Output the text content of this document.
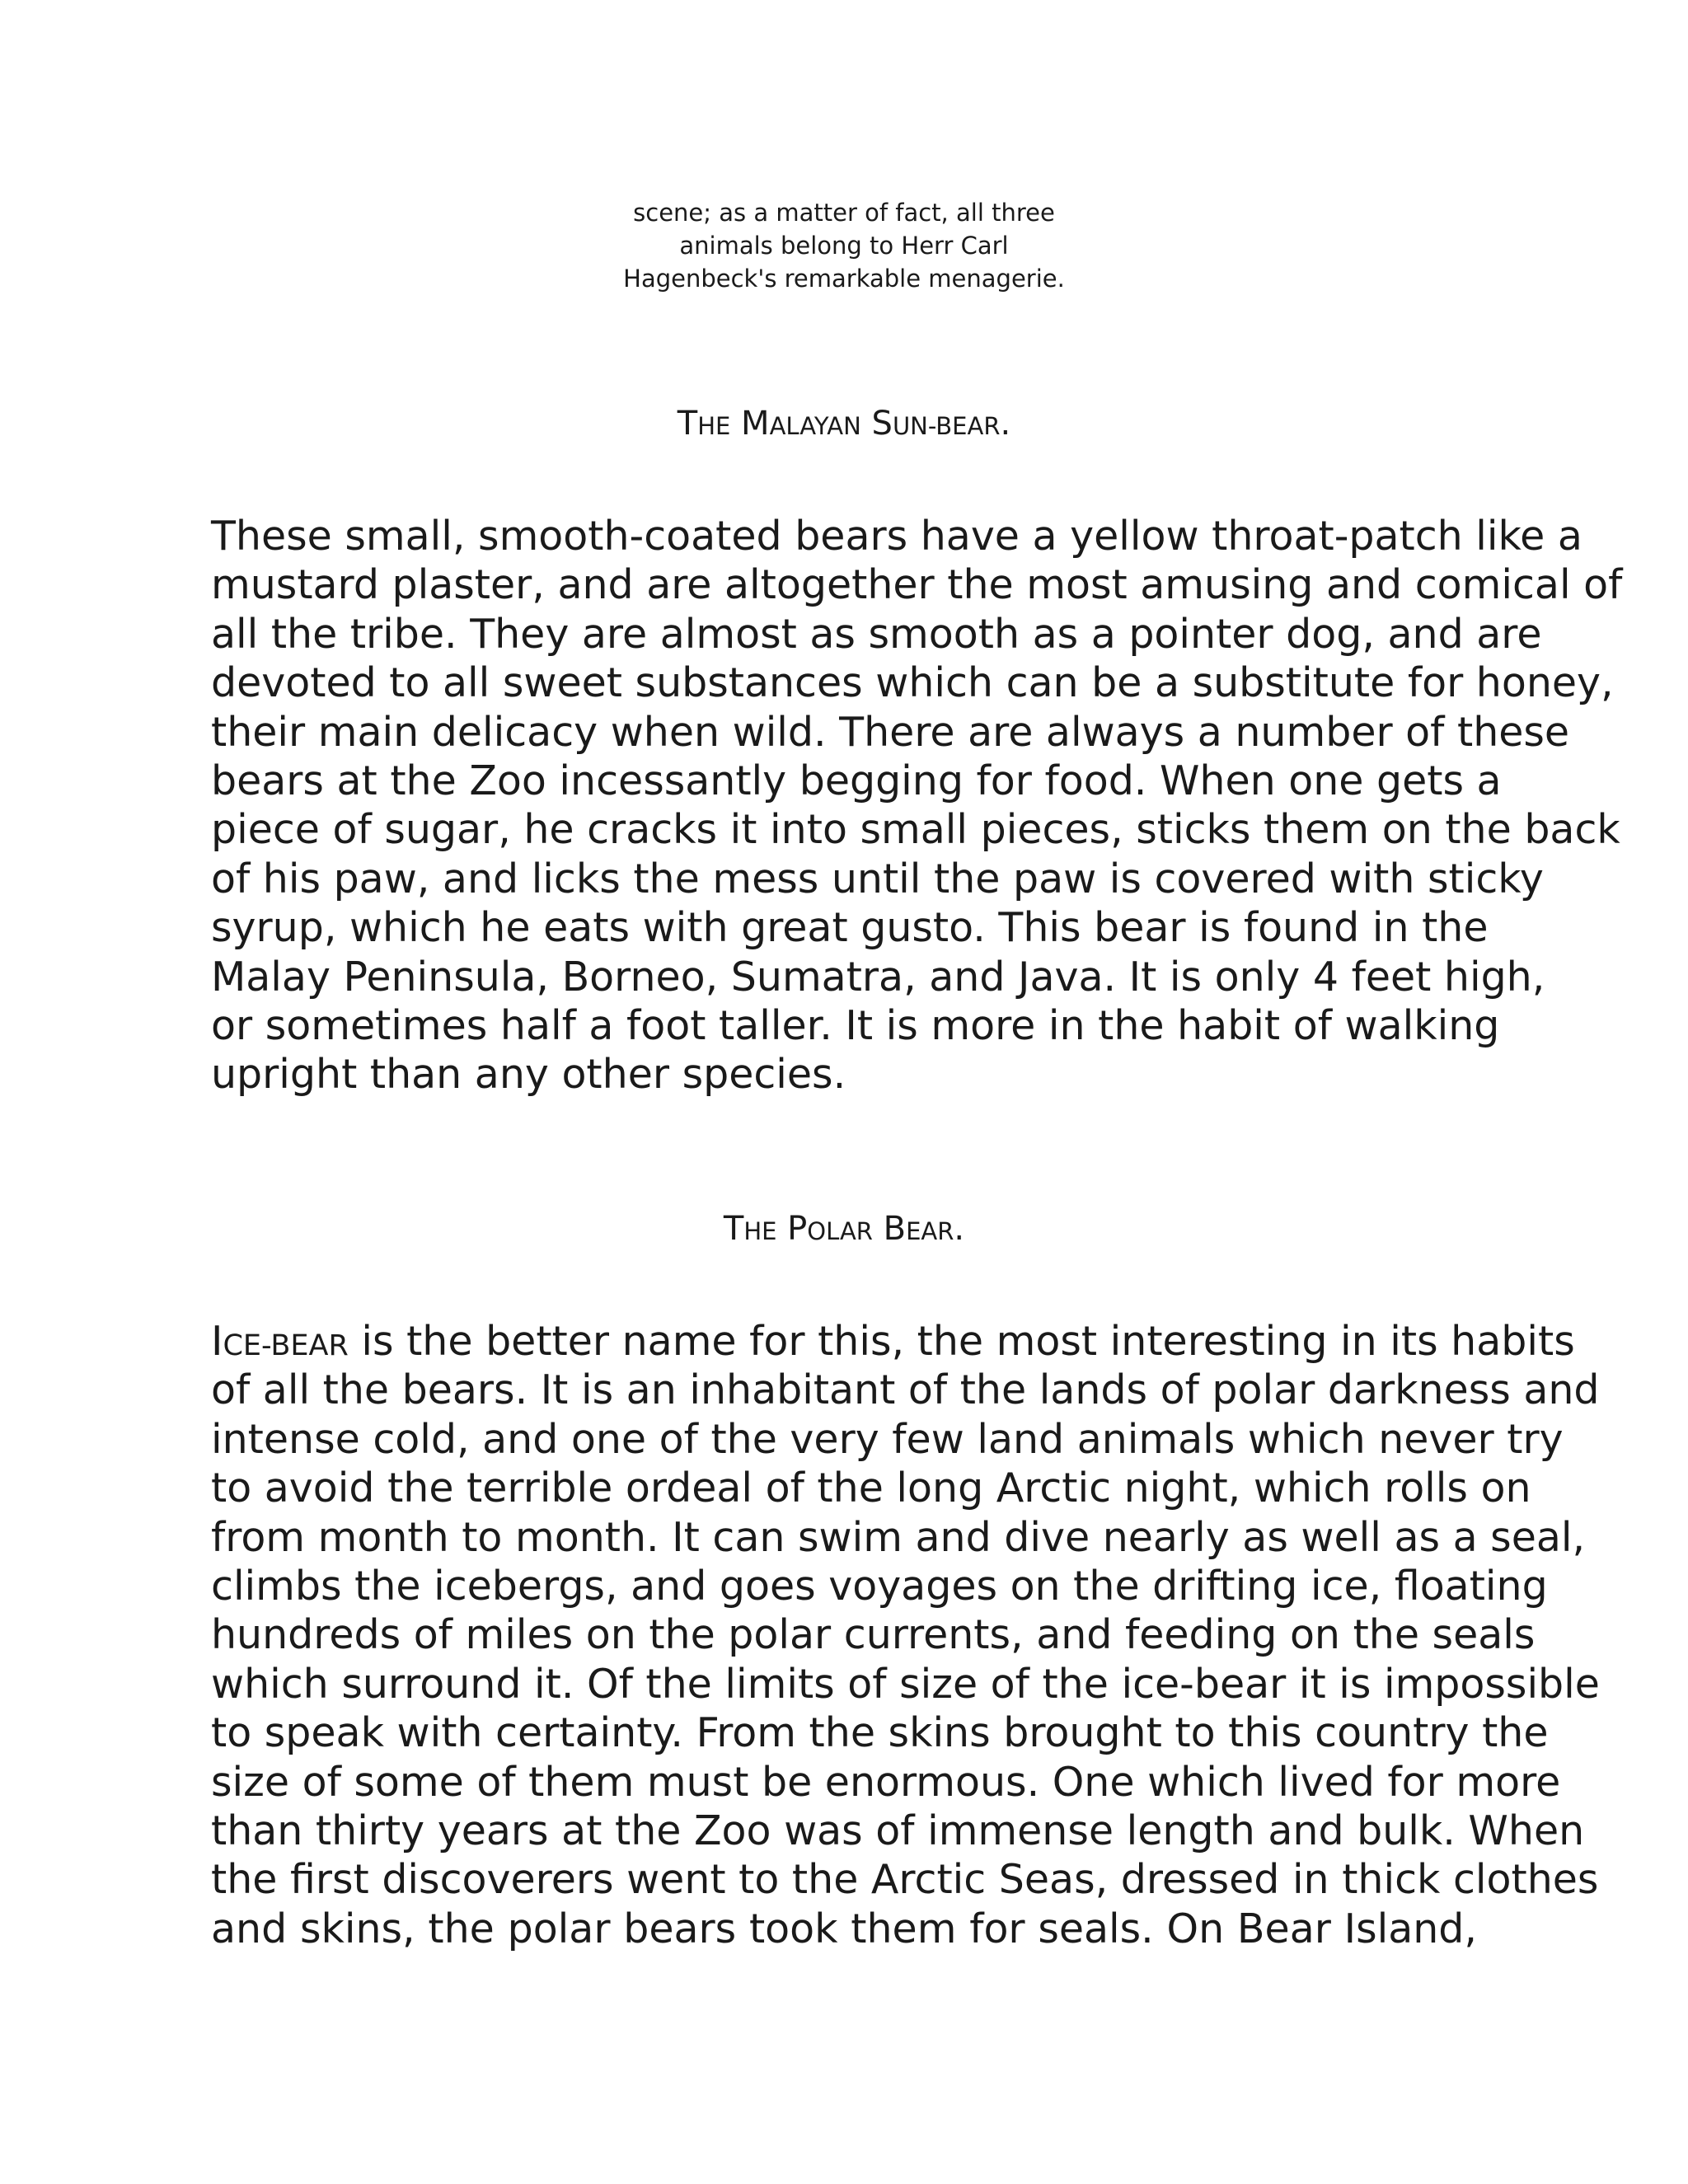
scene; as a matter of fact, all three
animals belong to Herr Carl
Hagenbeck's remarkable menagerie.
THE MALAYAN SUN-BEAR.
These small, smooth-coated bears have a yellow throat-patch like a
mustard plaster, and are altogether the most amusing and comical of
all the tribe. They are almost as smooth as a pointer dog, and are
devoted to all sweet substances which can be a substitute for honey,
their main delicacy when wild. There are always a number of these
bears at the Zoo incessantly begging for food. When one gets a
piece of sugar, he cracks it into small pieces, sticks them on the back
of his paw, and licks the mess until the paw is covered with sticky
syrup, which he eats with great gusto. This bear is found in the
Malay Peninsula, Borneo, Sumatra, and Java. It is only 4 feet high,
or sometimes half a foot taller. It is more in the habit of walking
upright than any other species.
THE POLAR BEAR.
ICE-BEAR is the better name for this, the most interesting in its habits
of all the bears. It is an inhabitant of the lands of polar darkness and
intense cold, and one of the very few land animals which never try
to avoid the terrible ordeal of the long Arctic night, which rolls on
from month to month. It can swim and dive nearly as well as a seal,
climbs the icebergs, and goes voyages on the drifting ice, floating
hundreds of miles on the polar currents, and feeding on the seals
which surround it. Of the limits of size of the ice-bear it is impossible
to speak with certainty. From the skins brought to this country the
size of some of them must be enormous. One which lived for more
than thirty years at the Zoo was of immense length and bulk. When
the first discoverers went to the Arctic Seas, dressed in thick clothes
and skins, the polar bears took them for seals. On Bear Island,
